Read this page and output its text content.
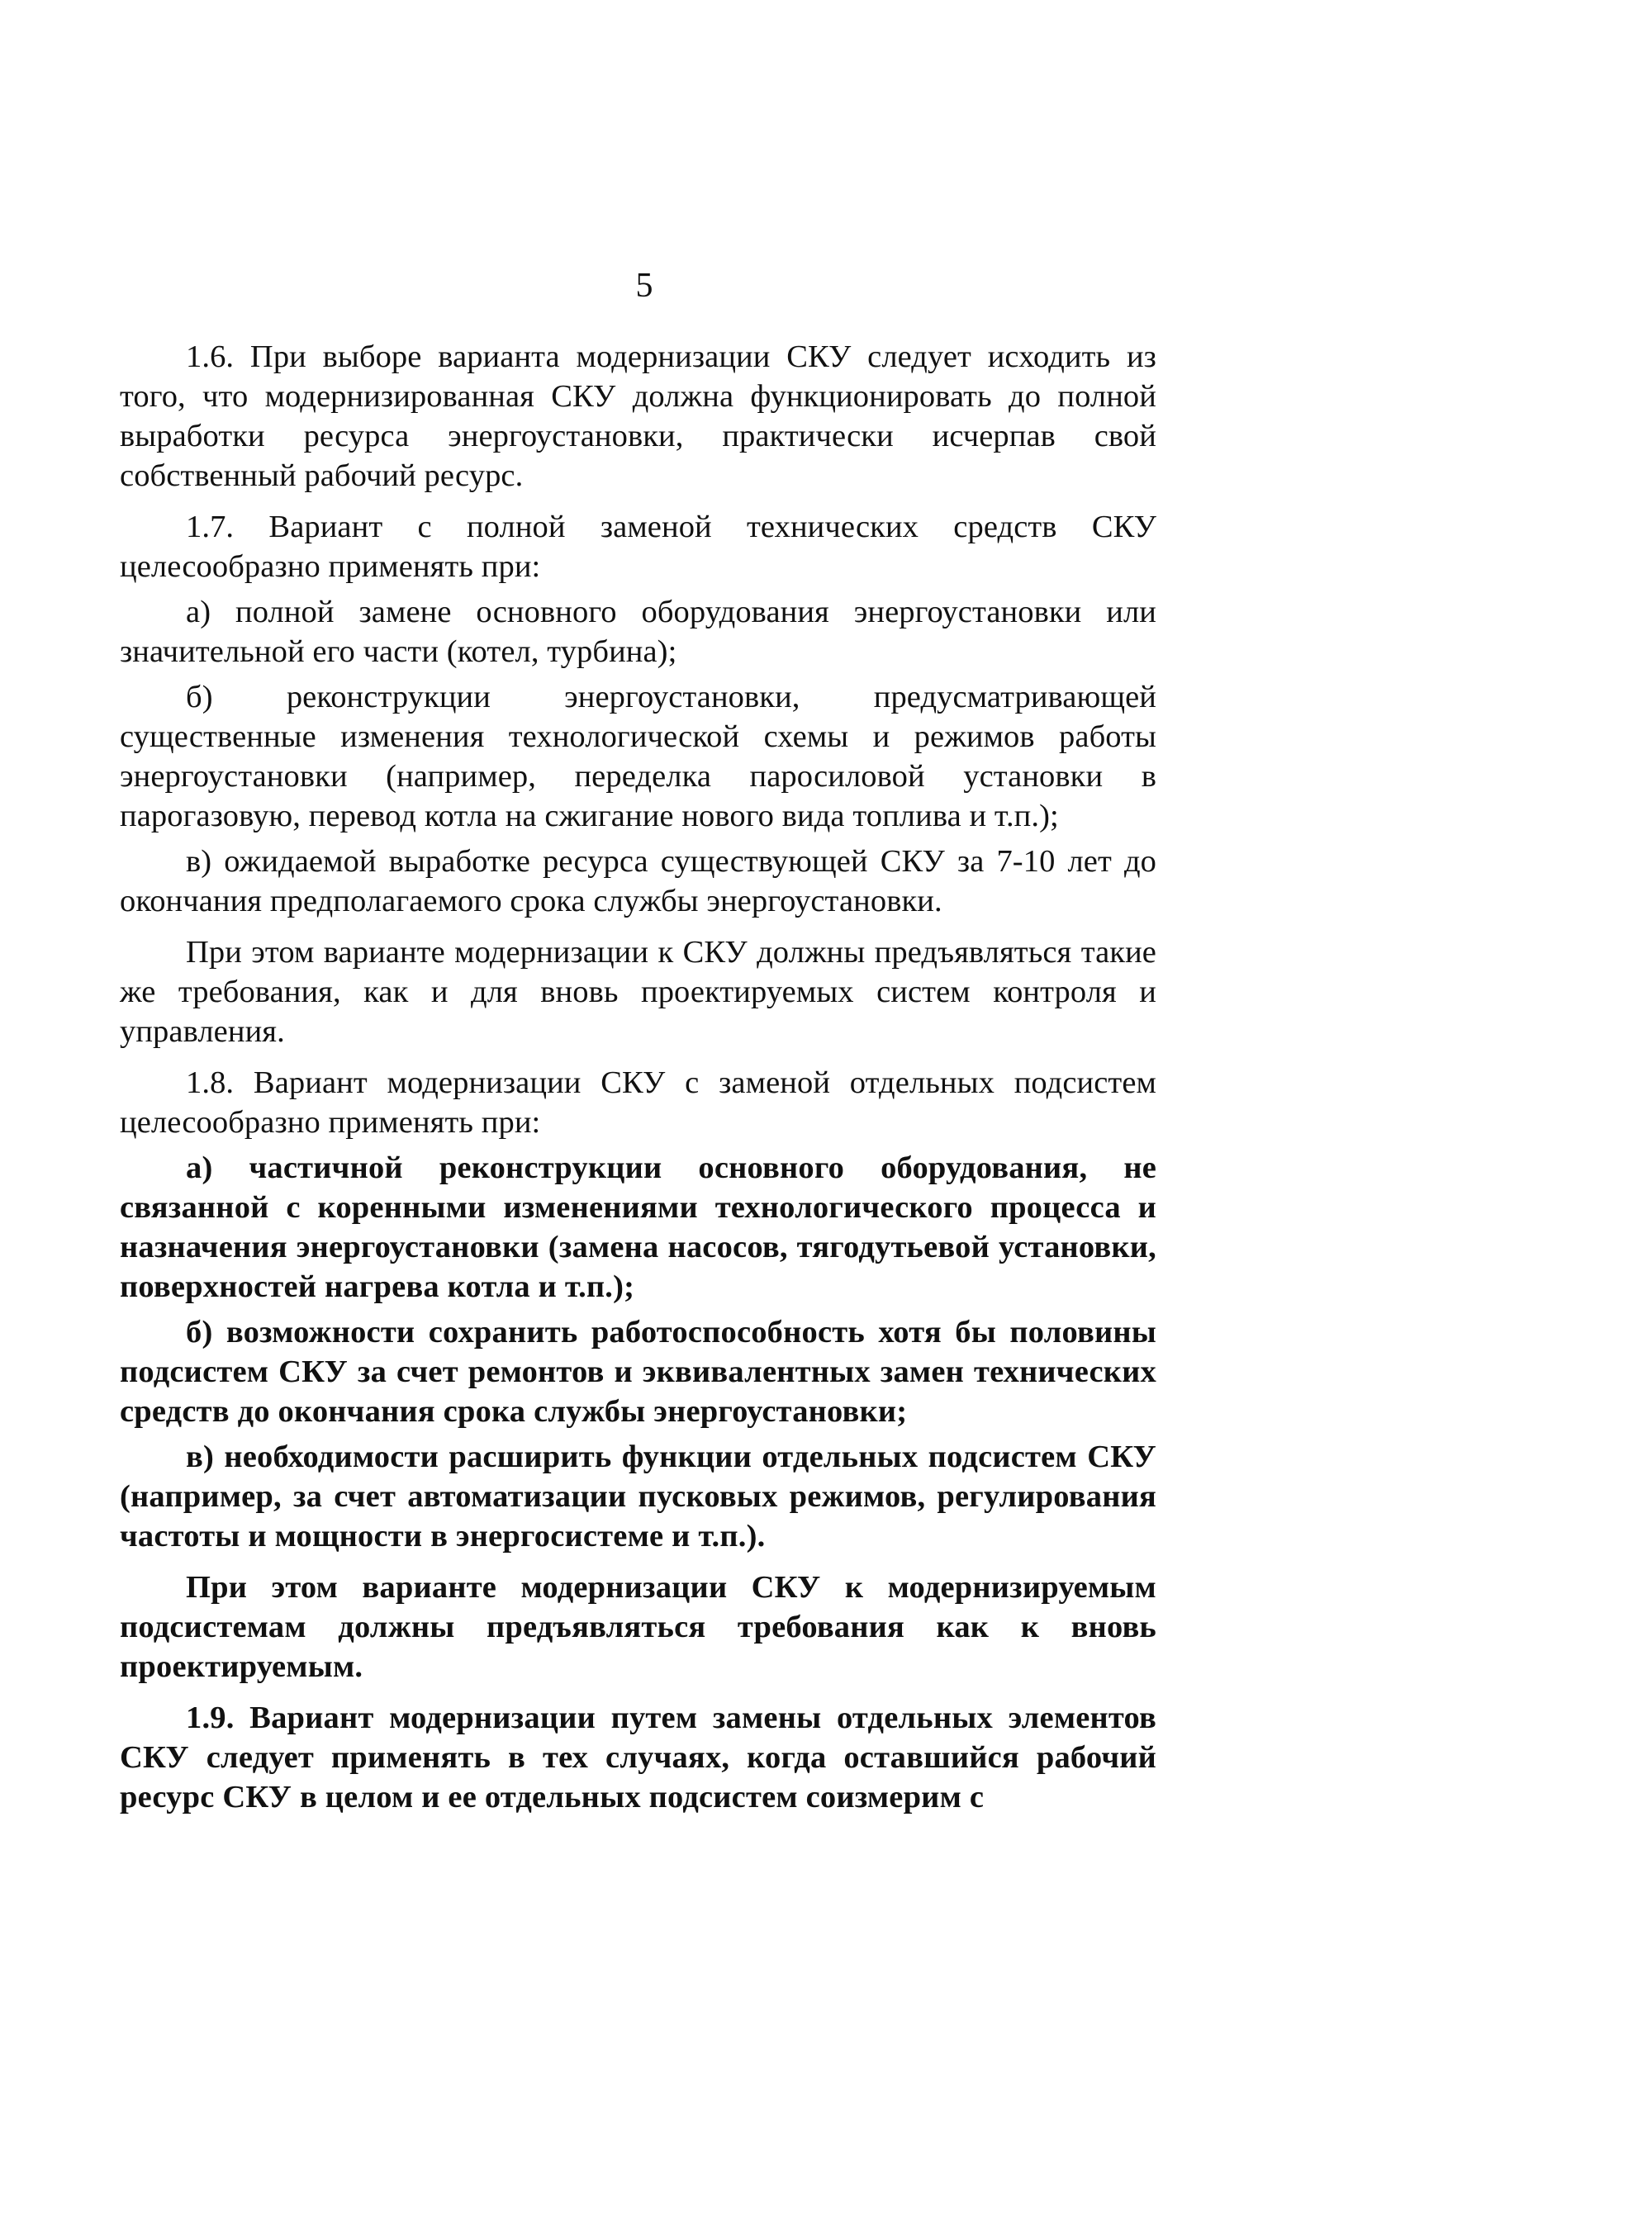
5

1.6. При выборе варианта модернизации СКУ следует исходить из того, что модернизированная СКУ должна функционировать до полной выработки ресурса энергоустановки, практически исчерпав свой собственный рабочий ресурс.

1.7. Вариант с полной заменой технических средств СКУ целесообразно применять при:

а) полной замене основного оборудования энергоустановки или значительной его части (котел, турбина);

б) реконструкции энергоустановки, предусматривающей существенные изменения технологической схемы и режимов работы энергоустановки (например, переделка паросиловой установки в парогазовую, перевод котла на сжигание нового вида топлива и т.п.);

в) ожидаемой выработке ресурса существующей СКУ за 7-10 лет до окончания предполагаемого срока службы энергоустановки.

При этом варианте модернизации к СКУ должны предъявляться такие же требования, как и для вновь проектируемых систем контроля и управления.

1.8. Вариант модернизации СКУ с заменой отдельных подсистем целесообразно применять при:

а) частичной реконструкции основного оборудования, не связанной с коренными изменениями технологического процесса и назначения энергоустановки (замена насосов, тягодутьевой установки, поверхностей нагрева котла и т.п.);

б) возможности сохранить работоспособность хотя бы половины подсистем СКУ за счет ремонтов и эквивалентных замен технических средств до окончания срока службы энергоустановки;

в) необходимости расширить функции отдельных подсистем СКУ (например, за счет автоматизации пусковых режимов, регулирования частоты и мощности в энергосистеме и т.п.).

При этом варианте модернизации СКУ к модернизируемым подсистемам должны предъявляться требования как к вновь проектируемым.

1.9. Вариант модернизации путем замены отдельных элементов СКУ следует применять в тех случаях, когда оставшийся рабочий ресурс СКУ в целом и ее отдельных подсистем соизмерим с
